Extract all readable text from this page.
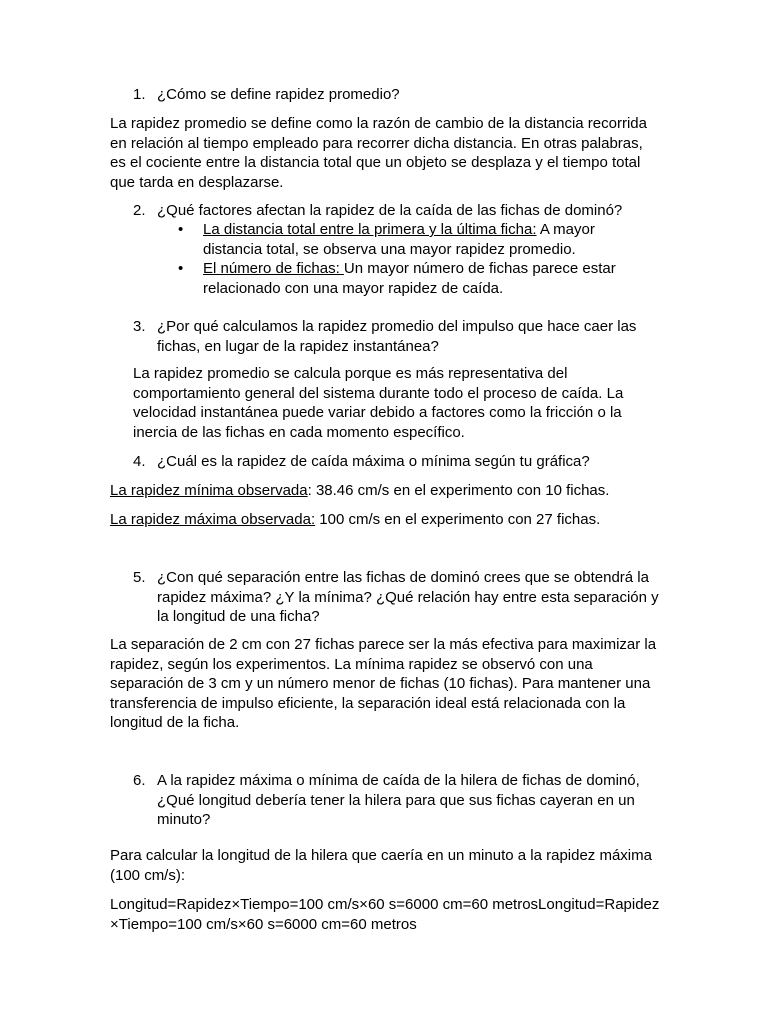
1. ¿Cómo se define rapidez promedio?

La rapidez promedio se define como la razón de cambio de la distancia recorrida en relación al tiempo empleado para recorrer dicha distancia. En otras palabras, es el cociente entre la distancia total que un objeto se desplaza y el tiempo total que tarda en desplazarse.

2. ¿Qué factores afectan la rapidez de la caída de las fichas de dominó?
• La distancia total entre la primera y la última ficha: A mayor distancia total, se observa una mayor rapidez promedio.
• El número de fichas: Un mayor número de fichas parece estar relacionado con una mayor rapidez de caída.
3. ¿Por qué calculamos la rapidez promedio del impulso que hace caer las fichas, en lugar de la rapidez instantánea?

La rapidez promedio se calcula porque es más representativa del comportamiento general del sistema durante todo el proceso de caída. La velocidad instantánea puede variar debido a factores como la fricción o la inercia de las fichas en cada momento específico.

4. ¿Cuál es la rapidez de caída máxima o mínima según tu gráfica?

La rapidez mínima observada: 38.46 cm/s en el experimento con 10 fichas.

La rapidez máxima observada: 100 cm/s en el experimento con 27 fichas.

5. ¿Con qué separación entre las fichas de dominó crees que se obtendrá la rapidez máxima? ¿Y la mínima? ¿Qué relación hay entre esta separación y la longitud de una ficha?

La separación de 2 cm con 27 fichas parece ser la más efectiva para maximizar la rapidez, según los experimentos. La mínima rapidez se observó con una separación de 3 cm y un número menor de fichas (10 fichas). Para mantener una transferencia de impulso eficiente, la separación ideal está relacionada con la longitud de la ficha.

6. A la rapidez máxima o mínima de caída de la hilera de fichas de dominó, ¿Qué longitud debería tener la hilera para que sus fichas cayeran en un minuto?

Para calcular la longitud de la hilera que caería en un minuto a la rapidez máxima (100 cm/s):

Longitud=Rapidez×Tiempo=100 cm/s×60 s=6000 cm=60 metrosLongitud=Rapidez×Tiempo=100 cm/s×60 s=6000 cm=60 metros
